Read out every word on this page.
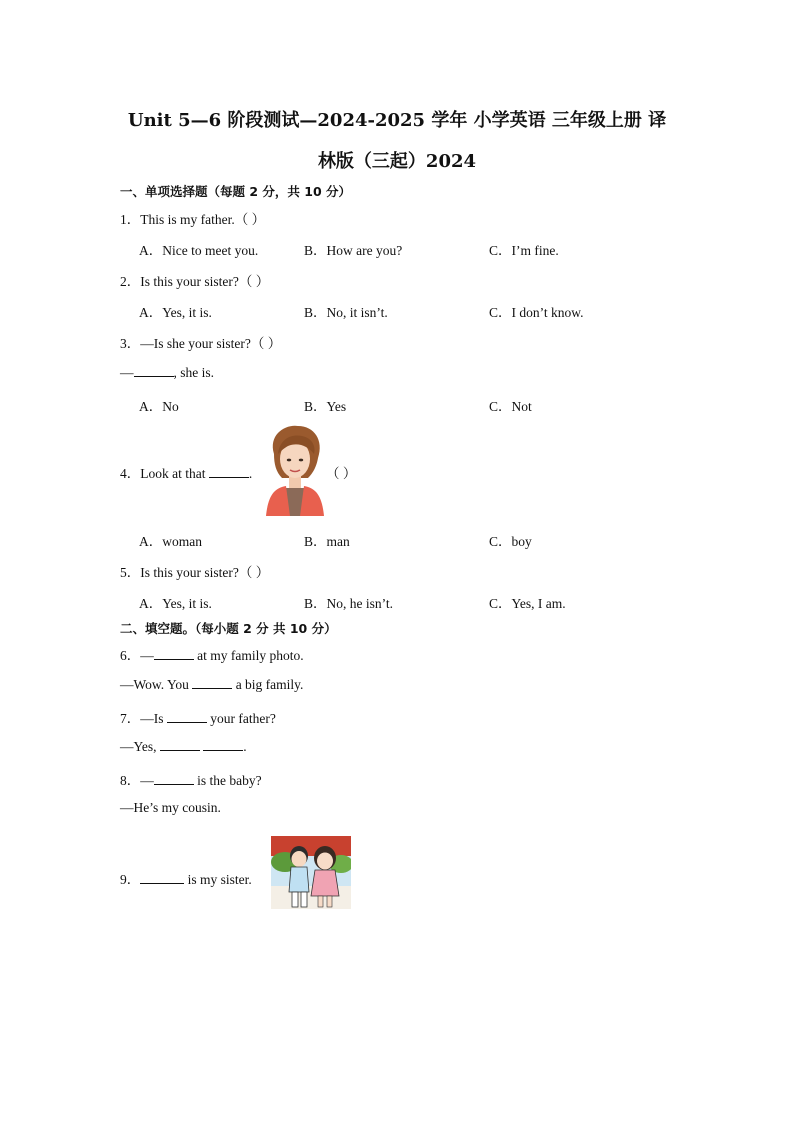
Unit 5—6 阶段测试—2024-2025 学年 小学英语 三年级上册 译
林版（三起）2024
一、单项选择题（每题 2 分，共 10 分）
1．This is my father.（ ）
A．Nice to meet you.	B．How are you?	C．I’m fine.
2．Is this your sister?（ ）
A．Yes, it is.	B．No, it isn’t.	C．I don’t know.
3．—Is she your sister?（ ）
—	, she is.
A．No	B．Yes	C．Not
4．Look at that	.	（ ）
A．woman	B．man	C．boy
5．Is this your sister?（ ）
A．Yes, it is.	B．No, he isn’t.	C．Yes, I am.
二、填空题。（每小题 2 分 共 10 分）
6．—	at my family photo.
—Wow. You	a big family.
7．—Is	your father?
—Yes,	.
8．—	is the baby?
—He’s my cousin.
9．	is my sister.
